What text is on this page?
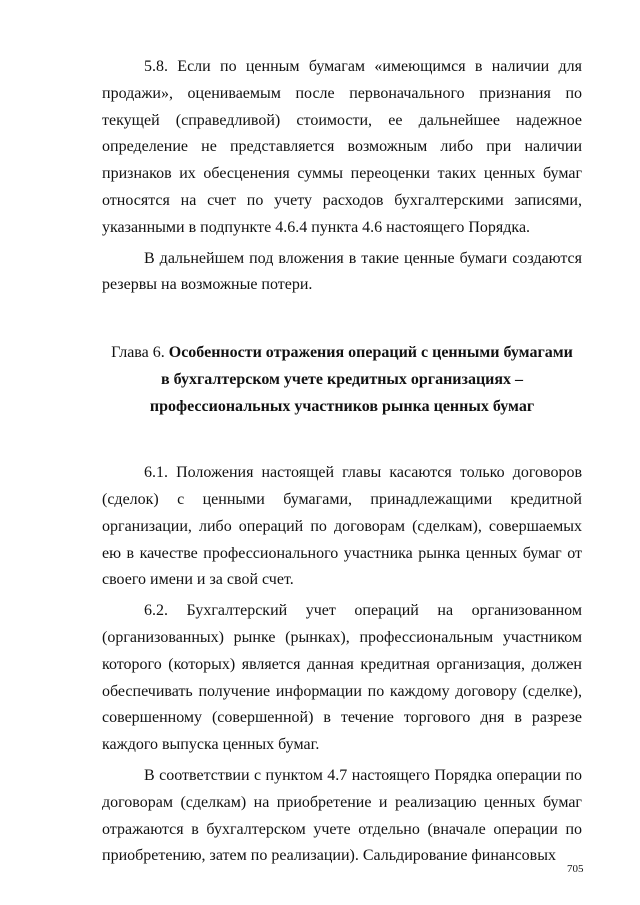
5.8. Если по ценным бумагам «имеющимся в наличии для продажи», оцениваемым после первоначального признания по текущей (справедливой) стоимости, ее дальнейшее надежное определение не представляется возможным либо при наличии признаков их обесценения суммы переоценки таких ценных бумаг относятся на счет по учету расходов бухгалтерскими записями, указанными в подпункте 4.6.4 пункта 4.6 настоящего Порядка.

В дальнейшем под вложения в такие ценные бумаги создаются резервы на возможные потери.

Глава 6. Особенности отражения операций с ценными бумагами в бухгалтерском учете кредитных организациях – профессиональных участников рынка ценных бумаг

6.1. Положения настоящей главы касаются только договоров (сделок) с ценными бумагами, принадлежащими кредитной организации, либо операций по договорам (сделкам), совершаемых ею в качестве профессионального участника рынка ценных бумаг от своего имени и за свой счет.

6.2. Бухгалтерский учет операций на организованном (организованных) рынке (рынках), профессиональным участником которого (которых) является данная кредитная организация, должен обеспечивать получение информации по каждому договору (сделке), совершенному (совершенной) в течение торгового дня в разрезе каждого выпуска ценных бумаг.

В соответствии с пунктом 4.7 настоящего Порядка операции по договорам (сделкам) на приобретение и реализацию ценных бумаг отражаются в бухгалтерском учете отдельно (вначале операции по приобретению, затем по реализации). Сальдирование финансовых

705
